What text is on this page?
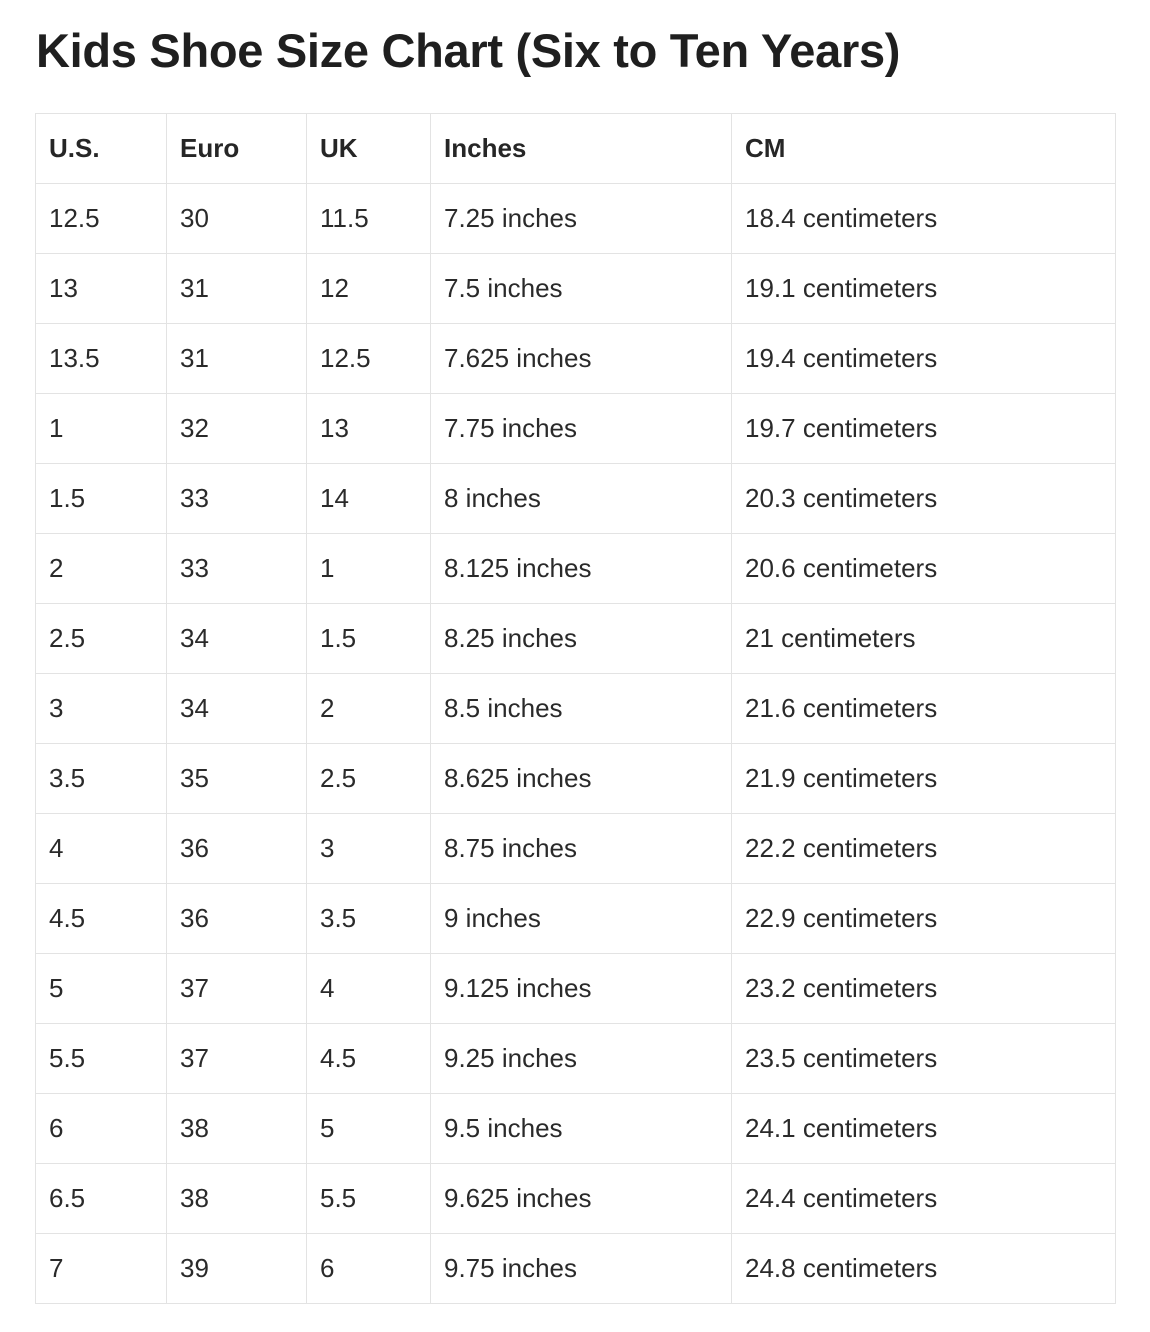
Kids Shoe Size Chart (Six to Ten Years)
U.S.	Euro	UK	Inches	CM
12.5	30	11.5	7.25 inches	18.4 centimeters
13	31	12	7.5 inches	19.1 centimeters
13.5	31	12.5	7.625 inches	19.4 centimeters
1	32	13	7.75 inches	19.7 centimeters
1.5	33	14	8 inches	20.3 centimeters
2	33	1	8.125 inches	20.6 centimeters
2.5	34	1.5	8.25 inches	21 centimeters
3	34	2	8.5 inches	21.6 centimeters
3.5	35	2.5	8.625 inches	21.9 centimeters
4	36	3	8.75 inches	22.2 centimeters
4.5	36	3.5	9 inches	22.9 centimeters
5	37	4	9.125 inches	23.2 centimeters
5.5	37	4.5	9.25 inches	23.5 centimeters
6	38	5	9.5 inches	24.1 centimeters
6.5	38	5.5	9.625 inches	24.4 centimeters
7	39	6	9.75 inches	24.8 centimeters
